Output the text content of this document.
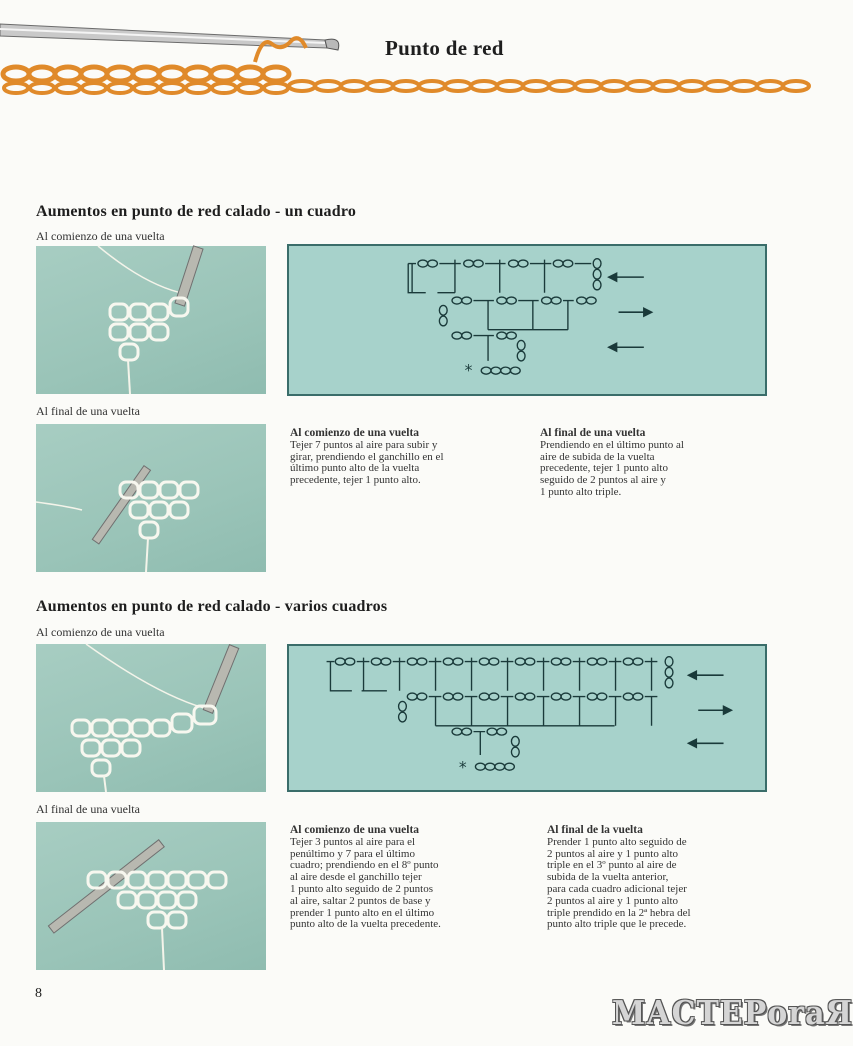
Punto de red
Aumentos en punto de red calado - un cuadro
Al comienzo de una vuelta
*
Al final de una vuelta
Al comienzo de una vuelta
Tejer 7 puntos al aire para subir y
girar, prendiendo el ganchillo en el
último punto alto de la vuelta
precedente, tejer 1 punto alto.
Al final de una vuelta
Prendiendo en el último punto al
aire de subida de la vuelta
precedente, tejer 1 punto alto
seguido de 2 puntos al aire y
1 punto alto triple.
Aumentos en punto de red calado - varios cuadros
Al comienzo de una vuelta
*
Al final de una vuelta
Al comienzo de una vuelta
Tejer 3 puntos al aire para el
penúltimo y 7 para el último
cuadro; prendiendo en el 8º punto
al aire desde el ganchillo tejer
1 punto alto seguido de 2 puntos
al aire, saltar 2 puntos de base y
prender 1 punto alto en el último
punto alto de la vuelta precedente.
Al final de la vuelta
Prender 1 punto alto seguido de
2 puntos al aire y 1 punto alto
triple en el 3º punto al aire de
subida de la vuelta anterior,
para cada cuadro adicional tejer
2 puntos al aire y 1 punto alto
triple prendido en la 2ª hebra del
punto alto triple que le precede.
8
МАСТЕРоraЯ
